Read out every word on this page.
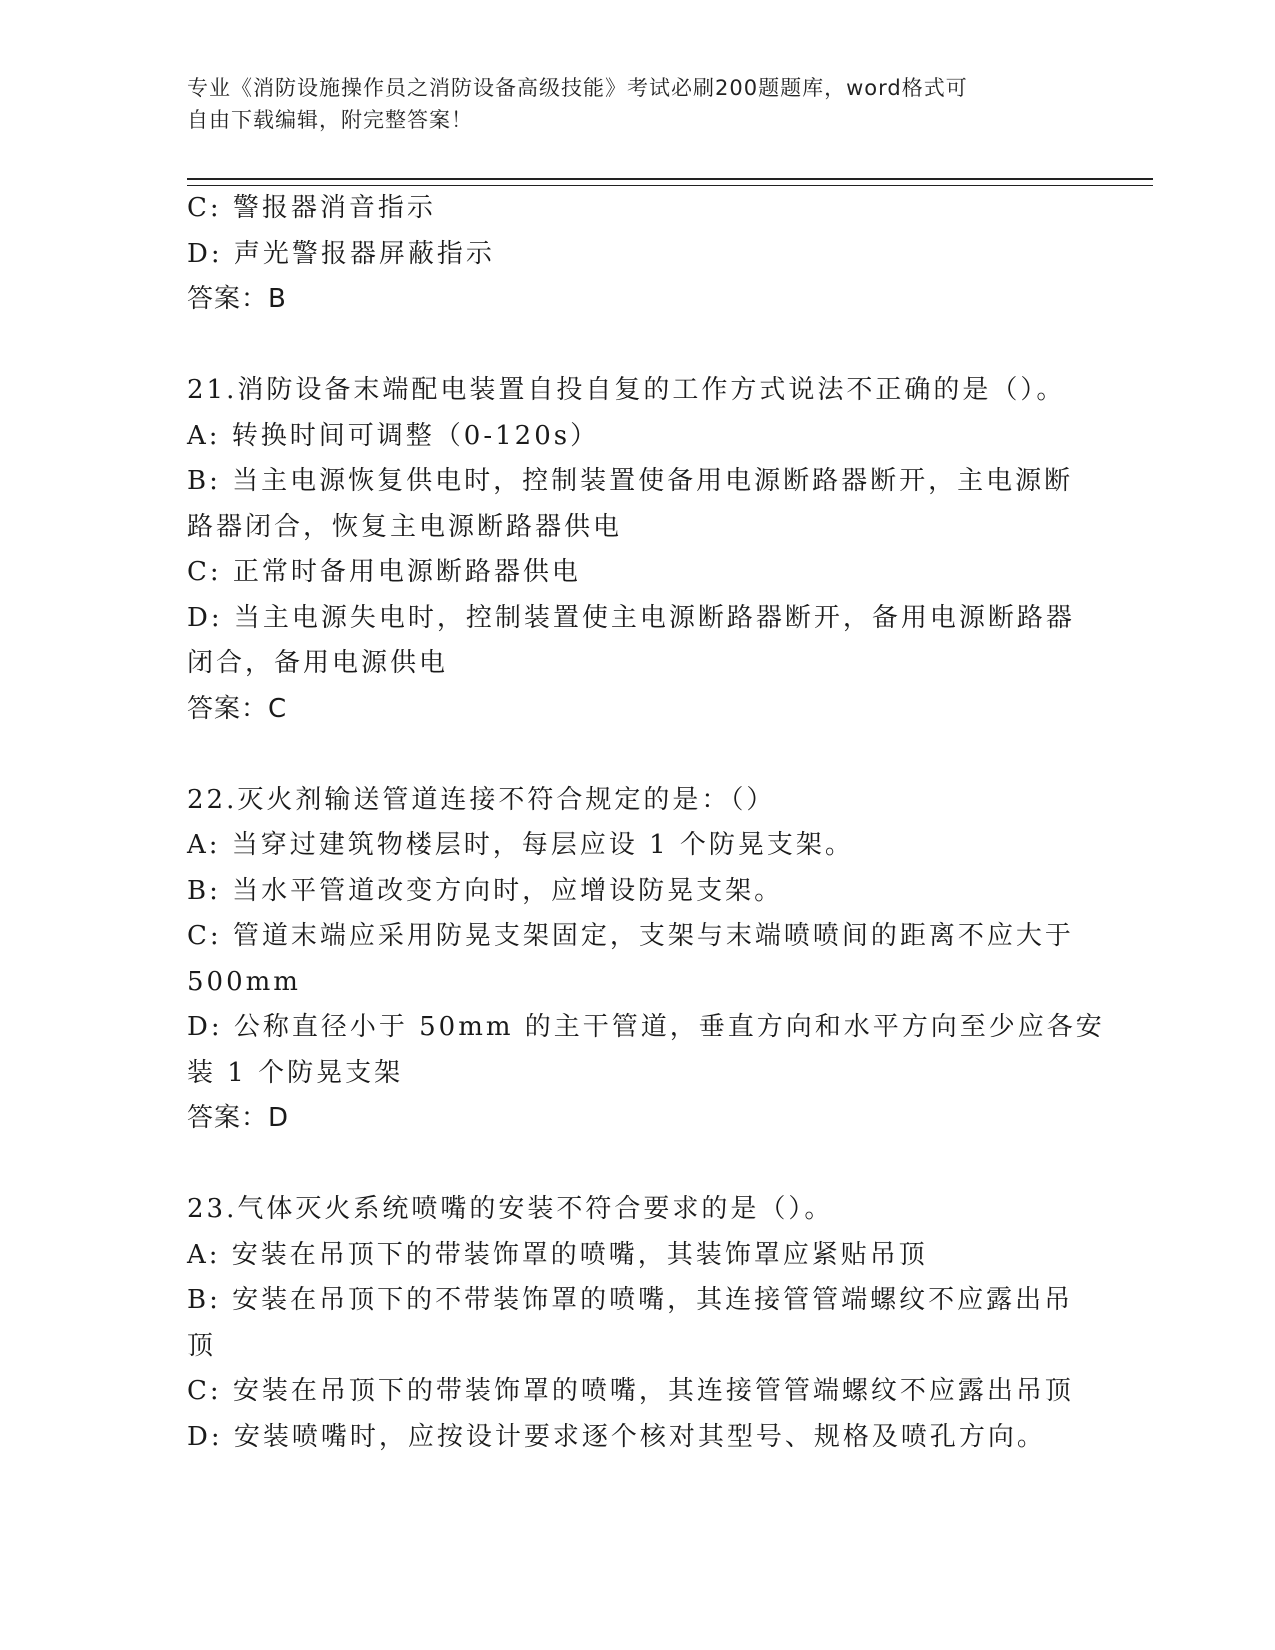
专业《消防设施操作员之消防设备高级技能》考试必刷200题题库，word格式可
自由下载编辑，附完整答案！
C: 警报器消音指示
D: 声光警报器屏蔽指示
答案：B
21.消防设备末端配电装置自投自复的工作方式说法不正确的是（）。
A: 转换时间可调整（0-120s）
B: 当主电源恢复供电时，控制装置使备用电源断路器断开，主电源断
路器闭合，恢复主电源断路器供电
C: 正常时备用电源断路器供电
D: 当主电源失电时，控制装置使主电源断路器断开，备用电源断路器
闭合，备用电源供电
答案：C
22.灭火剂输送管道连接不符合规定的是：（）
A: 当穿过建筑物楼层时，每层应设 1 个防晃支架。
B: 当水平管道改变方向时，应增设防晃支架。
C: 管道末端应采用防晃支架固定，支架与末端喷喷间的距离不应大于
500mm
D: 公称直径小于 50mm 的主干管道，垂直方向和水平方向至少应各安
装 1 个防晃支架
答案：D
23.气体灭火系统喷嘴的安装不符合要求的是（）。
A: 安装在吊顶下的带装饰罩的喷嘴，其装饰罩应紧贴吊顶
B: 安装在吊顶下的不带装饰罩的喷嘴，其连接管管端螺纹不应露出吊
顶
C: 安装在吊顶下的带装饰罩的喷嘴，其连接管管端螺纹不应露出吊顶
D: 安装喷嘴时，应按设计要求逐个核对其型号、规格及喷孔方向。
